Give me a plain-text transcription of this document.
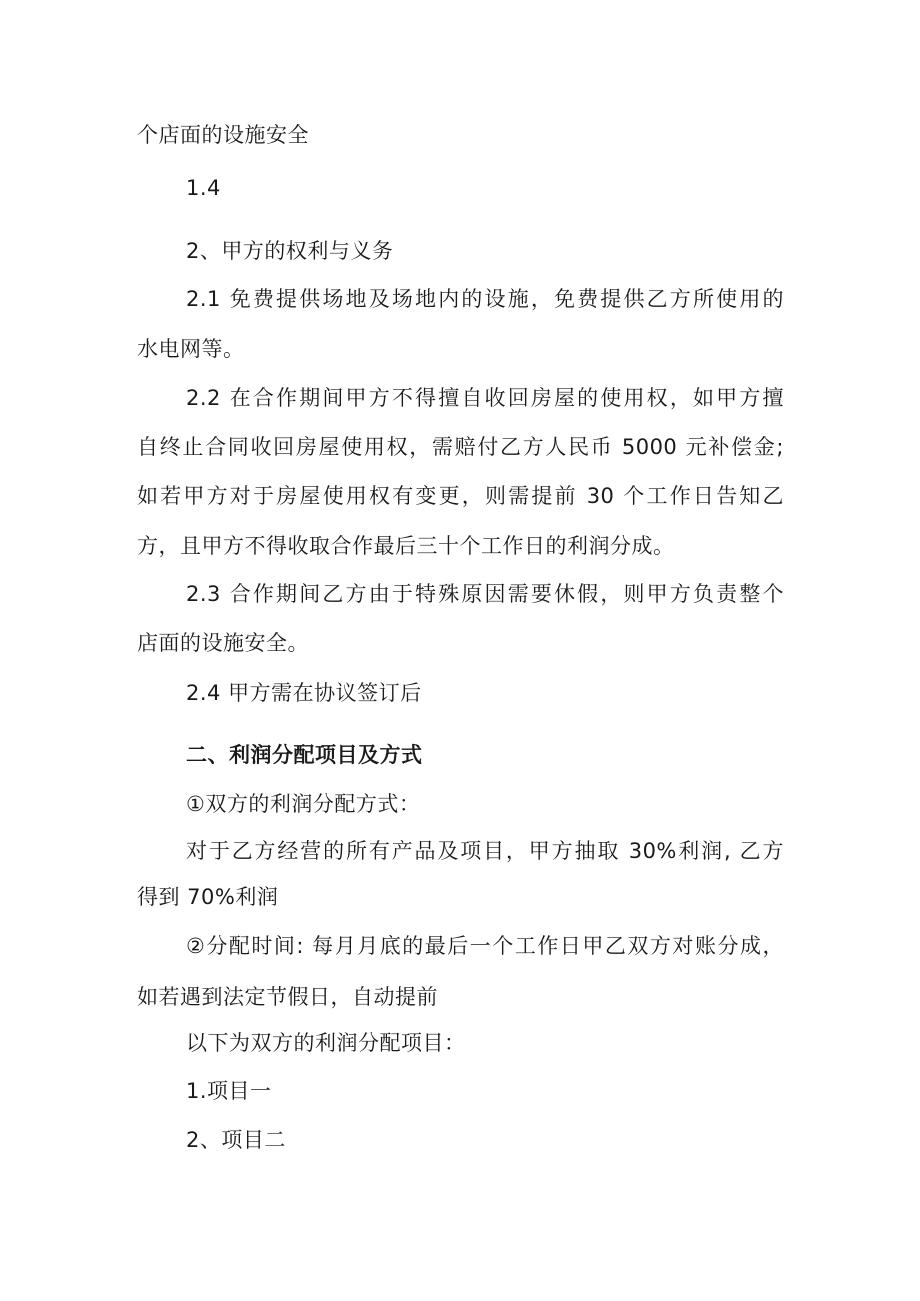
个店面的设施安全
1.4
2、甲方的权利与义务
2.1 免费提供场地及场地内的设施，免费提供乙方所使用的
水电网等。
2.2 在合作期间甲方不得擅自收回房屋的使用权，如甲方擅
自终止合同收回房屋使用权，需赔付乙方人民币 5000 元补偿金;
如若甲方对于房屋使用权有变更，则需提前 30 个工作日告知乙
方，且甲方不得收取合作最后三十个工作日的利润分成。
2.3 合作期间乙方由于特殊原因需要休假，则甲方负责整个
店面的设施安全。
2.4 甲方需在协议签订后
二、利润分配项目及方式
①双方的利润分配方式：
对于乙方经营的所有产品及项目，甲方抽取 30%利润, 乙方
得到 70%利润
②分配时间: 每月月底的最后一个工作日甲乙双方对账分成，
如若遇到法定节假日，自动提前
以下为双方的利润分配项目：
1.项目一
2、项目二
